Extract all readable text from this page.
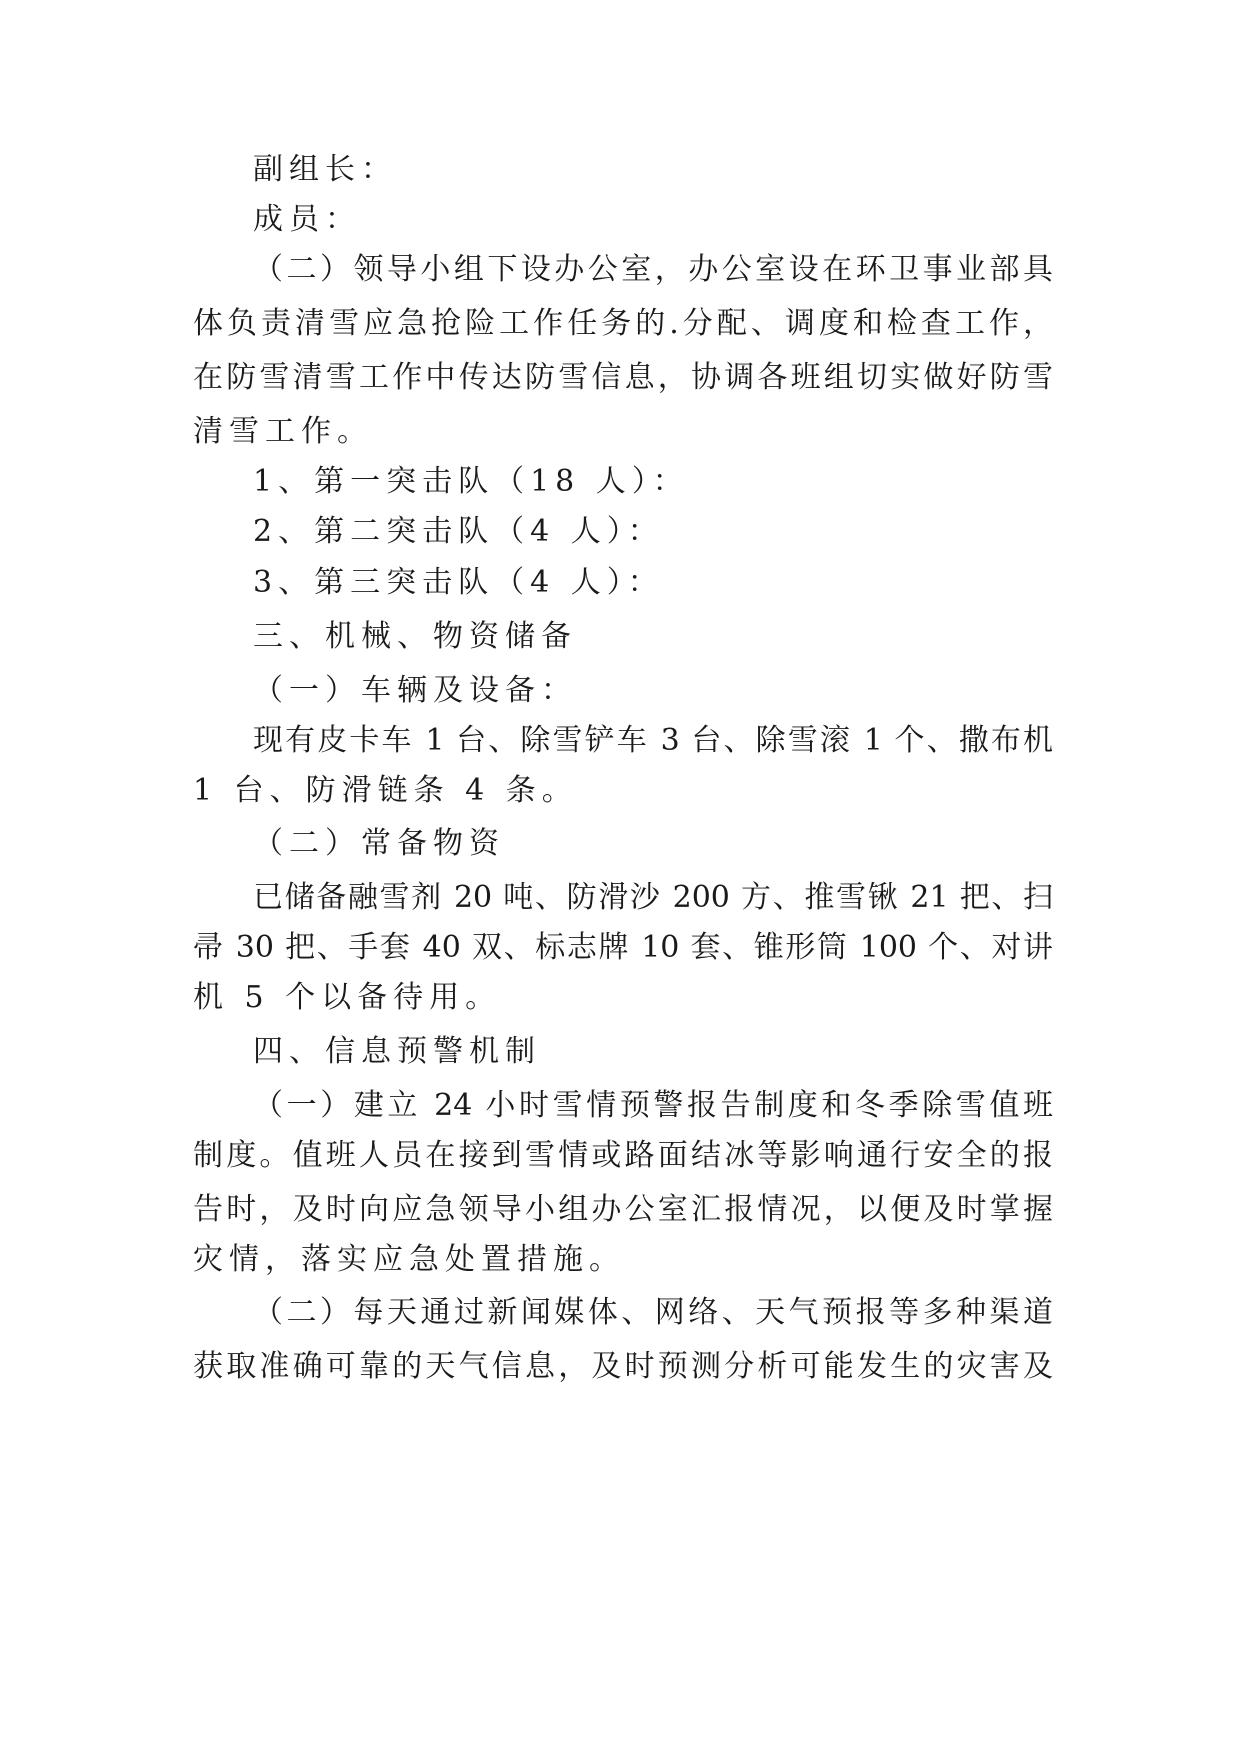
副组长：
成员：
（二）领导小组下设办公室，办公室设在环卫事业部具
体负责清雪应急抢险工作任务的.分配、调度和检查工作，
在防雪清雪工作中传达防雪信息，协调各班组切实做好防雪
清雪工作。
1、第一突击队（18 人）：
2、第二突击队（4 人）：
3、第三突击队（4 人）：
三、机械、物资储备
（一）车辆及设备：
现有皮卡车 1 台、除雪铲车 3 台、除雪滚 1 个、撒布机
1 台、防滑链条 4 条。
（二）常备物资
已储备融雪剂 20 吨、防滑沙 200 方、推雪锹 21 把、扫
帚 30 把、手套 40 双、标志牌 10 套、锥形筒 100 个、对讲
机 5 个以备待用。
四、信息预警机制
（一）建立 24 小时雪情预警报告制度和冬季除雪值班
制度。值班人员在接到雪情或路面结冰等影响通行安全的报
告时，及时向应急领导小组办公室汇报情况，以便及时掌握
灾情，落实应急处置措施。
（二）每天通过新闻媒体、网络、天气预报等多种渠道
获取准确可靠的天气信息，及时预测分析可能发生的灾害及
